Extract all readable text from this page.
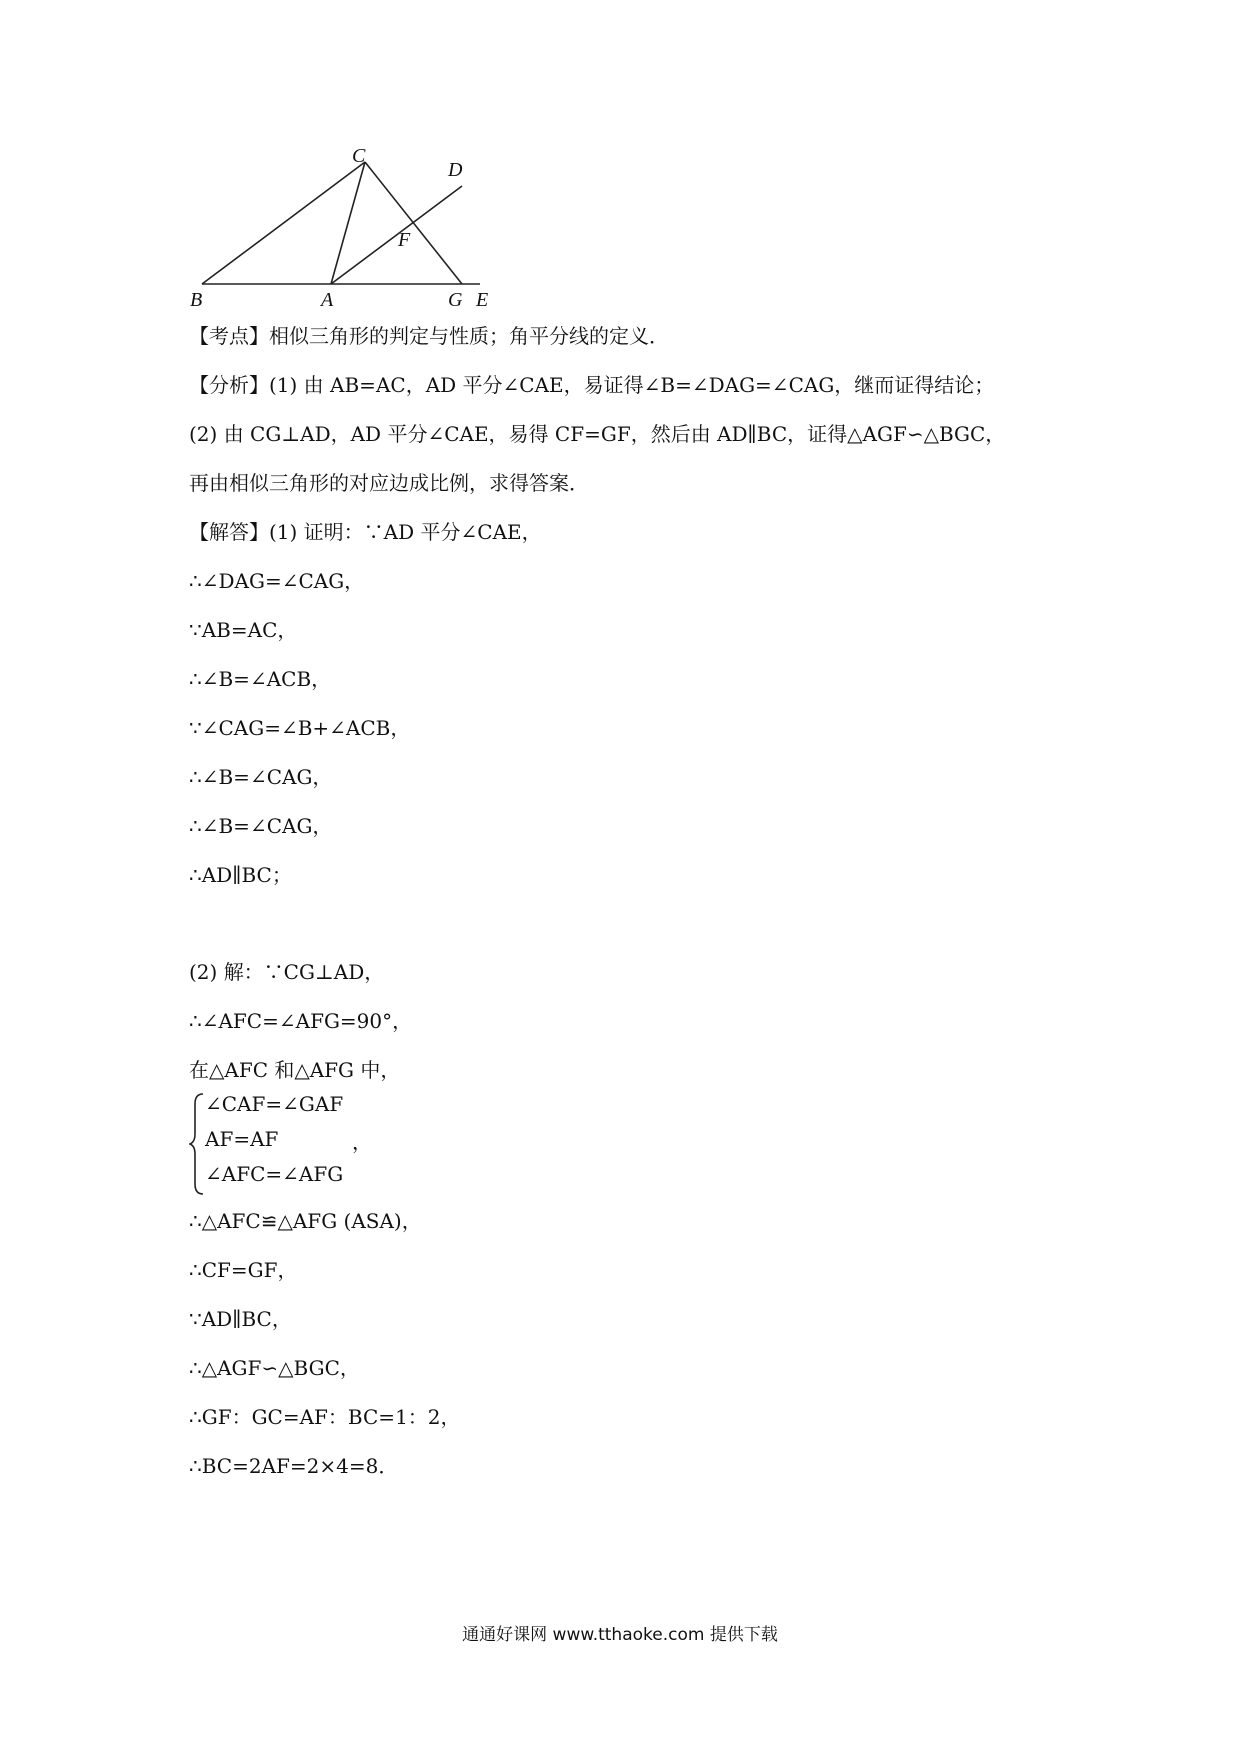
B	A	G E
C
D
F
【考点】相似三角形的判定与性质；角平分线的定义．
【分析】(1) 由 AB=AC，AD 平分∠CAE，易证得∠B=∠DAG=∠CAG，继而证得结论；
(2) 由 CG⊥AD，AD 平分∠CAE，易得 CF=GF，然后由 AD∥BC，证得△AGF∽△BGC，
再由相似三角形的对应边成比例，求得答案．
【解答】(1) 证明：∵AD 平分∠CAE，
∴∠DAG=∠CAG，
∵AB=AC，
∴∠B=∠ACB，
∵∠CAG=∠B+∠ACB，
∴∠B=∠CAG，
∴∠B=∠CAG，
∴AD∥BC；
(2) 解：∵CG⊥AD，
∴∠AFC=∠AFG=90°，
在△AFC 和△AFG 中，
∠CAF=∠GAF
AF=AF
∠AFC=∠AFG
，
∴△AFC≌△AFG (ASA)，
∴CF=GF，
∵AD∥BC，
∴△AGF∽△BGC，
∴GF：GC=AF：BC=1：2，
∴BC=2AF=2×4=8．
通通好课网 www.tthaoke.com 提供下载
